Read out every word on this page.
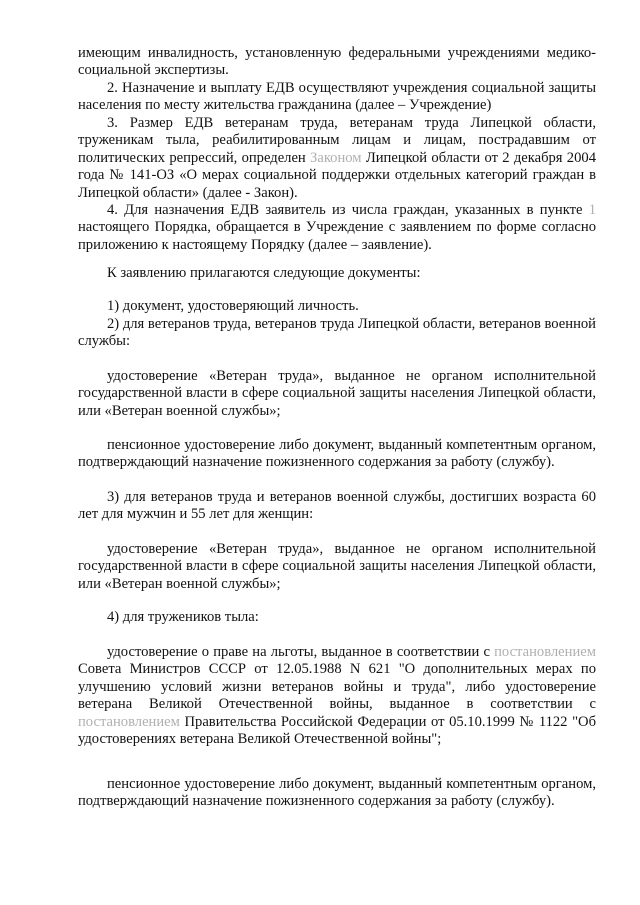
имеющим инвалидность, установленную федеральными учреждениями медико-социальной экспертизы.

2. Назначение и выплату ЕДВ осуществляют учреждения социальной защиты населения по месту жительства гражданина (далее – Учреждение)

3. Размер ЕДВ ветеранам труда, ветеранам труда Липецкой области, труженикам тыла, реабилитированным лицам и лицам, пострадавшим от политических репрессий, определен Законом Липецкой области от 2 декабря 2004 года № 141-ОЗ «О мерах социальной поддержки отдельных категорий граждан в Липецкой области» (далее - Закон).

4. Для назначения ЕДВ заявитель из числа граждан, указанных в пункте 1 настоящего Порядка, обращается в Учреждение с заявлением по форме согласно приложению к настоящему Порядку (далее – заявление).

К заявлению прилагаются следующие документы:

1) документ, удостоверяющий личность.

2) для ветеранов труда, ветеранов труда Липецкой области, ветеранов военной службы:

удостоверение «Ветеран труда», выданное не органом исполнительной государственной власти в сфере социальной защиты населения Липецкой области, или «Ветеран военной службы»;

пенсионное удостоверение либо документ, выданный компетентным органом, подтверждающий назначение пожизненного содержания за работу (службу).

3) для ветеранов труда и ветеранов военной службы, достигших возраста 60 лет для мужчин и 55 лет для женщин:

удостоверение «Ветеран труда», выданное не органом исполнительной государственной власти в сфере социальной защиты населения Липецкой области, или «Ветеран военной службы»;

4) для тружеников тыла:

удостоверение о праве на льготы, выданное в соответствии с постановлением Совета Министров СССР от 12.05.1988 N 621 "О дополнительных мерах по улучшению условий жизни ветеранов войны и труда", либо удостоверение ветерана Великой Отечественной войны, выданное в соответствии с постановлением Правительства Российской Федерации от 05.10.1999 № 1122 "Об удостоверениях ветерана Великой Отечественной войны";

пенсионное удостоверение либо документ, выданный компетентным органом, подтверждающий назначение пожизненного содержания за работу (службу).
